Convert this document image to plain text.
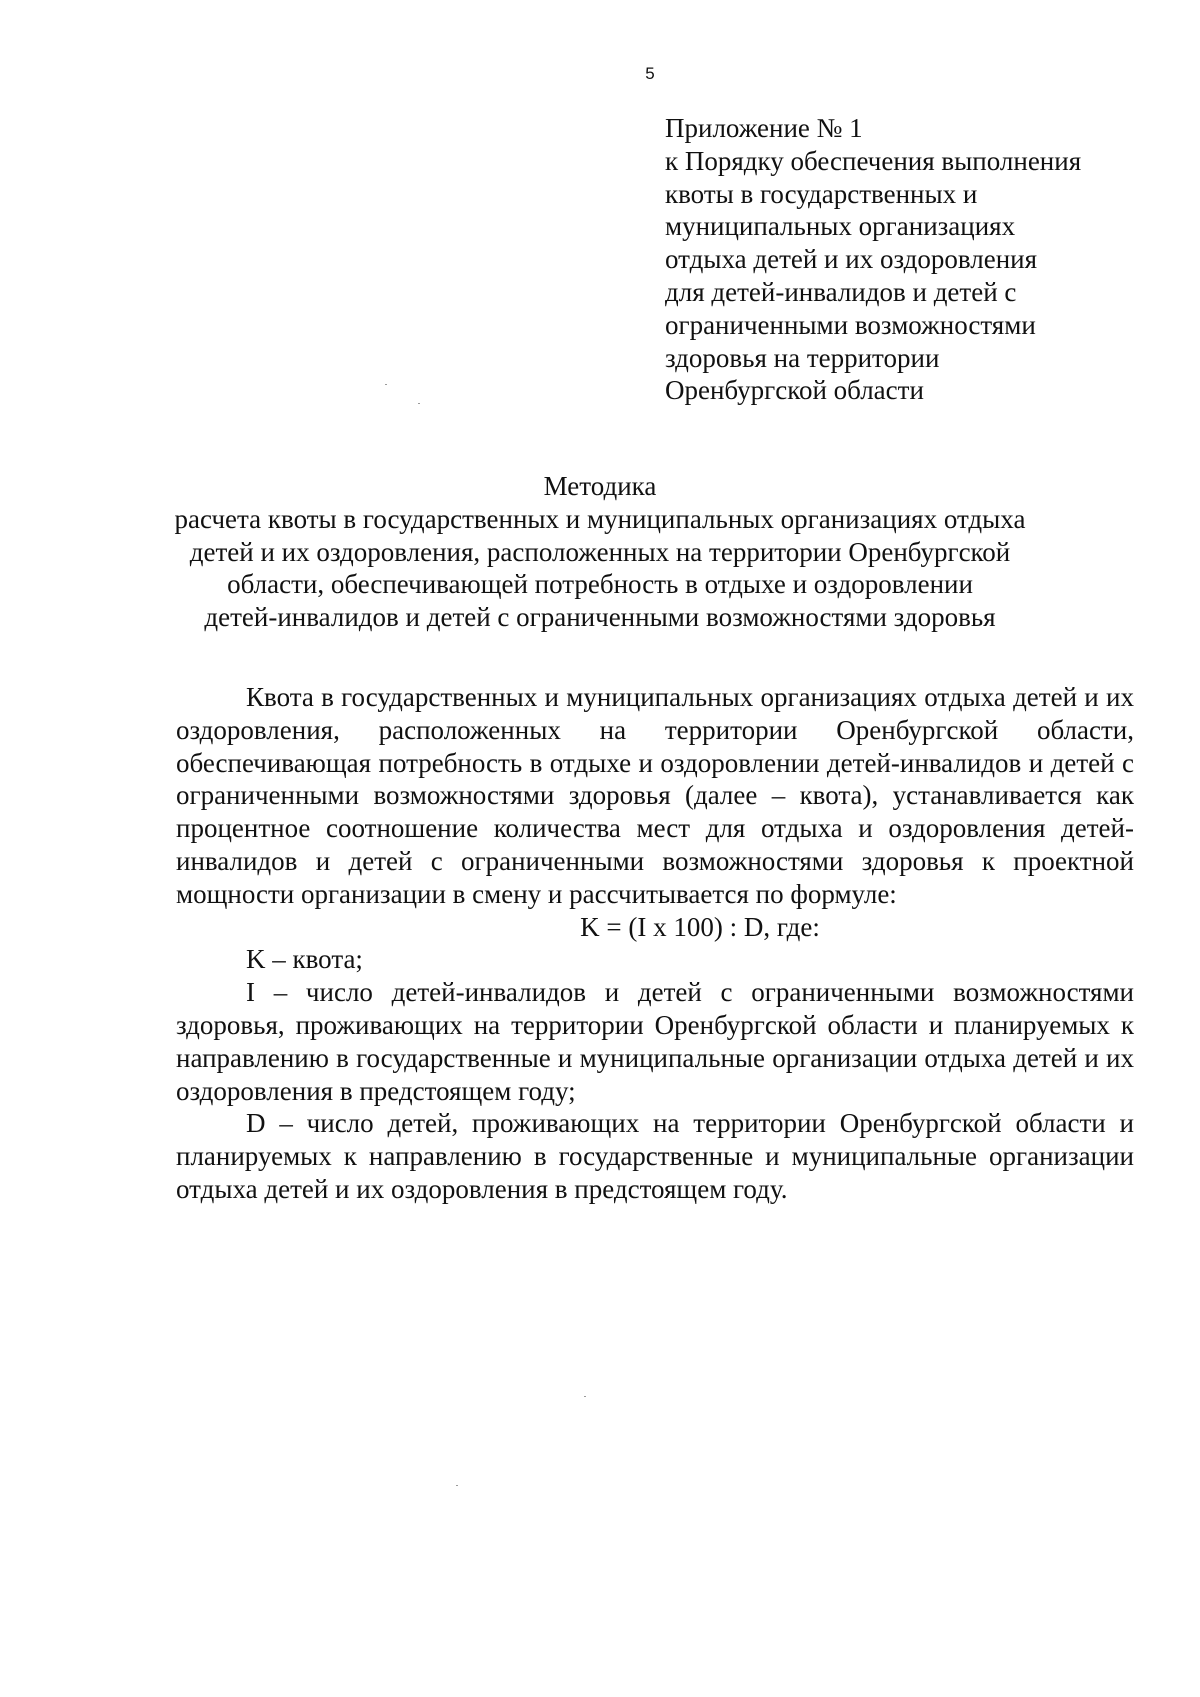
5
Приложение № 1
к Порядку обеспечения выполнения
квоты в государственных и
муниципальных организациях
отдыха детей и их оздоровления
для детей-инвалидов и детей с
ограниченными возможностями
здоровья на территории
Оренбургской области
Методика
расчета квоты в государственных и муниципальных организациях отдыха
детей и их оздоровления, расположенных на территории Оренбургской
области, обеспечивающей потребность в отдыхе и оздоровлении
детей-инвалидов и детей с ограниченными возможностями здоровья

Квота в государственных и муниципальных организациях отдыха детей и их оздоровления, расположенных на территории Оренбургской области, обеспечивающая потребность в отдыхе и оздоровлении детей-инвалидов и детей с ограниченными возможностями здоровья (далее – квота), устанавливается как процентное соотношение количества мест для отдыха и оздоровления детей-инвалидов и детей с ограниченными возможностями здоровья к проектной мощности организации в смену и рассчитывается по формуле:

K = (I x 100) : D, где:

K – квота;

I – число детей-инвалидов и детей с ограниченными возможностями здоровья, проживающих на территории Оренбургской области и планируемых к направлению в государственные и муниципальные организации отдыха детей и их оздоровления в предстоящем году;

D – число детей, проживающих на территории Оренбургской области и планируемых к направлению в государственные и муниципальные организации отдыха детей и их оздоровления в предстоящем году.
